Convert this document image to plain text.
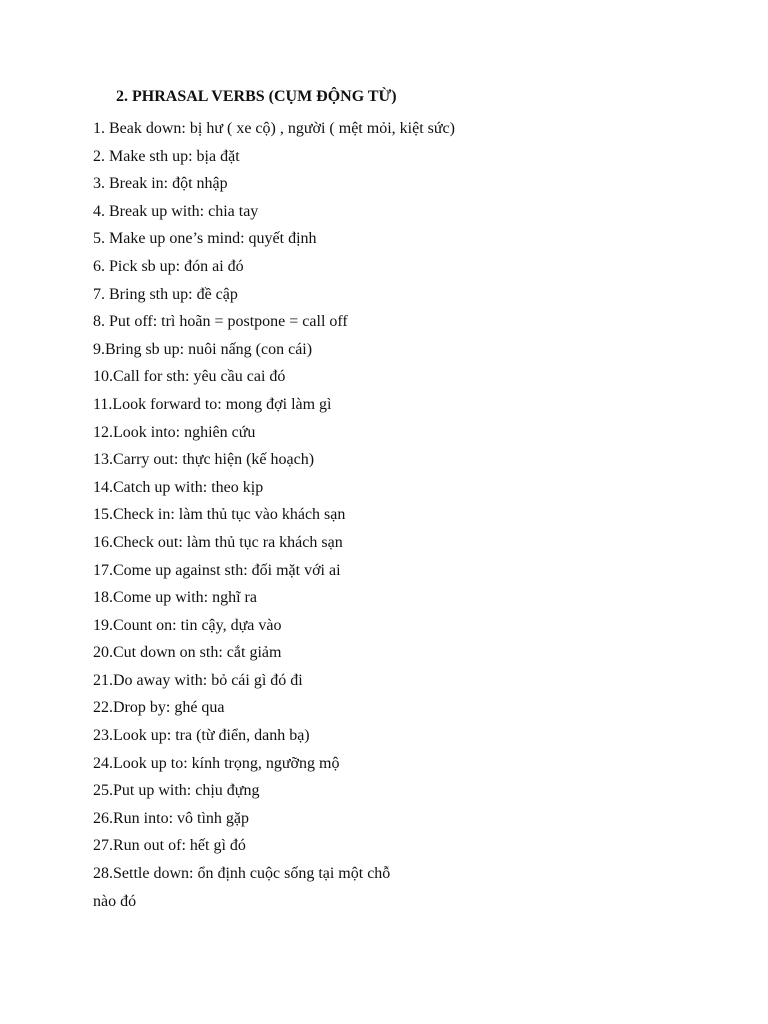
2. PHRASAL VERBS (CỤM ĐỘNG TỪ)
1. Beak down: bị hư ( xe cộ) , người ( mệt mỏi, kiệt sức)
2. Make sth up: bịa đặt
3. Break in: đột nhập
4. Break up with: chia tay
5. Make up one’s mind: quyết định
6. Pick sb up: đón ai đó
7. Bring sth up: đề cập
8. Put off: trì hoãn = postpone = call off
9.Bring sb up: nuôi nấng (con cái)
10.Call for sth: yêu cầu cai đó
11.Look forward to: mong đợi làm gì
12.Look into: nghiên cứu
13.Carry out: thực hiện (kế hoạch)
14.Catch up with: theo kịp
15.Check in: làm thủ tục vào khách sạn
16.Check out: làm thủ tục ra khách sạn
17.Come up against sth: đối mặt với ai
18.Come up with: nghĩ ra
19.Count on: tin cậy, dựa vào
20.Cut down on sth: cắt giảm
21.Do away with: bỏ cái gì đó đi
22.Drop by: ghé qua
23.Look up: tra (từ điển, danh bạ)
24.Look up to: kính trọng, ngưỡng mộ
25.Put up with: chịu đựng
26.Run into: vô tình gặp
27.Run out of: hết gì đó
28.Settle down: ổn định cuộc sống tại một chỗ
nào đó
